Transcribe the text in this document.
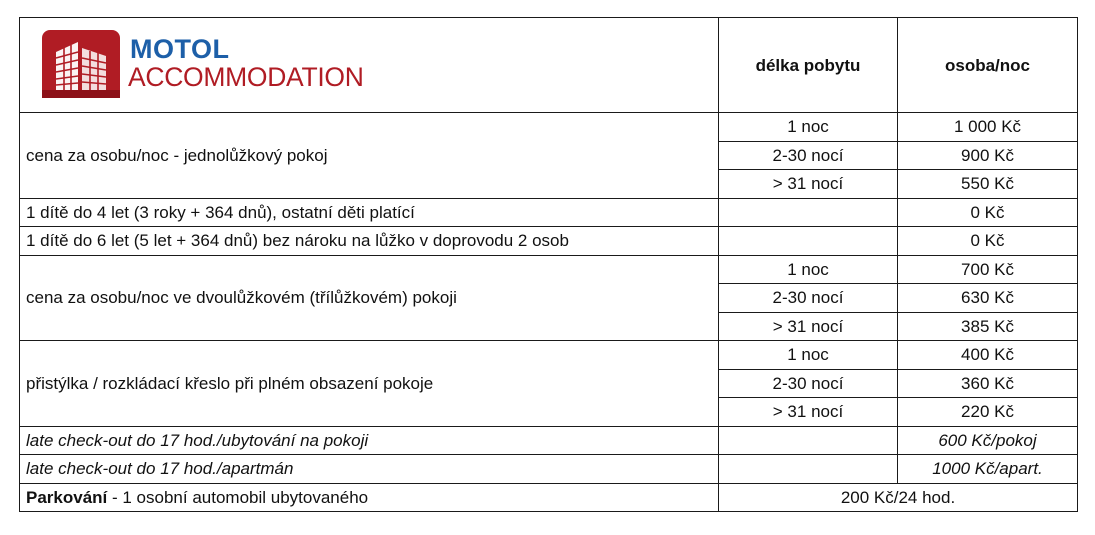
MOTOL
ACCOMMODATION	délka pobytu	osoba/noc
cena za osobu/noc - jednolůžkový pokoj	1 noc	1 000 Kč
	2-30 nocí	900 Kč
	> 31 nocí	550 Kč
1 dítě do 4 let (3 roky + 364 dnů), ostatní děti platící		0 Kč
1 dítě do 6 let (5 let + 364 dnů) bez nároku na lůžko v doprovodu 2 osob		0 Kč
cena za osobu/noc ve dvoulůžkovém (třílůžkovém) pokoji	1 noc	700 Kč
	2-30 nocí	630 Kč
	> 31 nocí	385 Kč
přistýlka / rozkládací křeslo při plném obsazení pokoje	1 noc	400 Kč
	2-30 nocí	360 Kč
	> 31 nocí	220 Kč
late check-out do 17 hod./ubytování na pokoji		600 Kč/pokoj
late check-out do 17 hod./apartmán		1000 Kč/apart.
Parkování - 1 osobní automobil ubytovaného	200 Kč/24 hod.	
